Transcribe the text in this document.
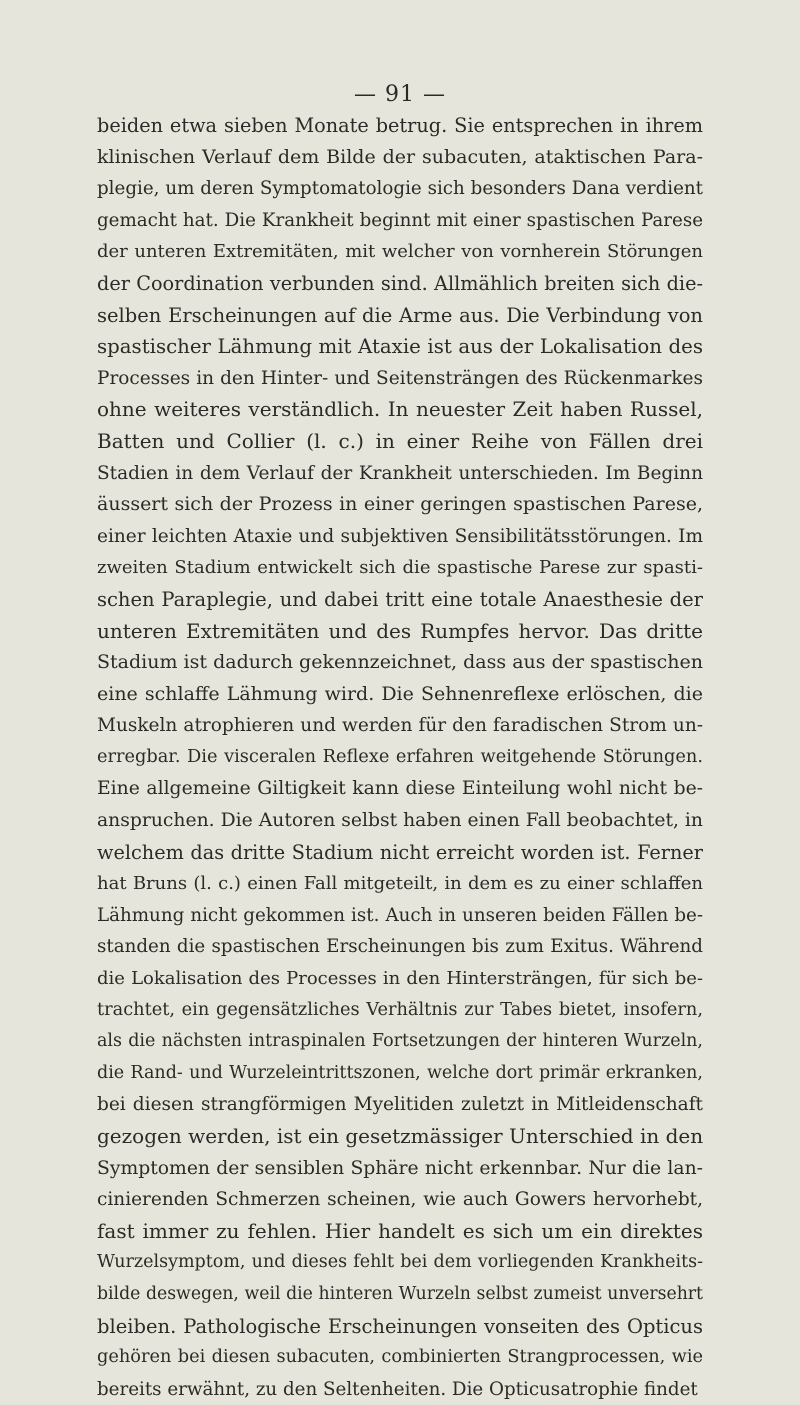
— 91 —
beiden etwa sieben Monate betrug. Sie entsprechen in ihrem
klinischen Verlauf dem Bilde der subacuten, ataktischen Para-
plegie, um deren Symptomatologie sich besonders Dana verdient
gemacht hat. Die Krankheit beginnt mit einer spastischen Parese
der unteren Extremitäten, mit welcher von vornherein Störungen
der Coordination verbunden sind. Allmählich breiten sich die-
selben Erscheinungen auf die Arme aus. Die Verbindung von
spastischer Lähmung mit Ataxie ist aus der Lokalisation des
Processes in den Hinter- und Seitensträngen des Rückenmarkes
ohne weiteres verständlich. In neuester Zeit haben Russel,
Batten und Collier (l. c.) in einer Reihe von Fällen drei
Stadien in dem Verlauf der Krankheit unterschieden. Im Beginn
äussert sich der Prozess in einer geringen spastischen Parese,
einer leichten Ataxie und subjektiven Sensibilitätsstörungen. Im
zweiten Stadium entwickelt sich die spastische Parese zur spasti-
schen Paraplegie, und dabei tritt eine totale Anaesthesie der
unteren Extremitäten und des Rumpfes hervor. Das dritte
Stadium ist dadurch gekennzeichnet, dass aus der spastischen
eine schlaffe Lähmung wird. Die Sehnenreflexe erlöschen, die
Muskeln atrophieren und werden für den faradischen Strom un-
erregbar. Die visceralen Reflexe erfahren weitgehende Störungen.
Eine allgemeine Giltigkeit kann diese Einteilung wohl nicht be-
anspruchen. Die Autoren selbst haben einen Fall beobachtet, in
welchem das dritte Stadium nicht erreicht worden ist. Ferner
hat Bruns (l. c.) einen Fall mitgeteilt, in dem es zu einer schlaffen
Lähmung nicht gekommen ist. Auch in unseren beiden Fällen be-
standen die spastischen Erscheinungen bis zum Exitus. Während
die Lokalisation des Processes in den Hintersträngen, für sich be-
trachtet, ein gegensätzliches Verhältnis zur Tabes bietet, insofern,
als die nächsten intraspinalen Fortsetzungen der hinteren Wurzeln,
die Rand- und Wurzeleintrittszonen, welche dort primär erkranken,
bei diesen strangförmigen Myelitiden zuletzt in Mitleidenschaft
gezogen werden, ist ein gesetzmässiger Unterschied in den
Symptomen der sensiblen Sphäre nicht erkennbar. Nur die lan-
cinierenden Schmerzen scheinen, wie auch Gowers hervorhebt,
fast immer zu fehlen. Hier handelt es sich um ein direktes
Wurzelsymptom, und dieses fehlt bei dem vorliegenden Krankheits-
bilde deswegen, weil die hinteren Wurzeln selbst zumeist unversehrt
bleiben. Pathologische Erscheinungen vonseiten des Opticus
gehören bei diesen subacuten, combinierten Strangprocessen, wie
bereits erwähnt, zu den Seltenheiten. Die Opticusatrophie findet
